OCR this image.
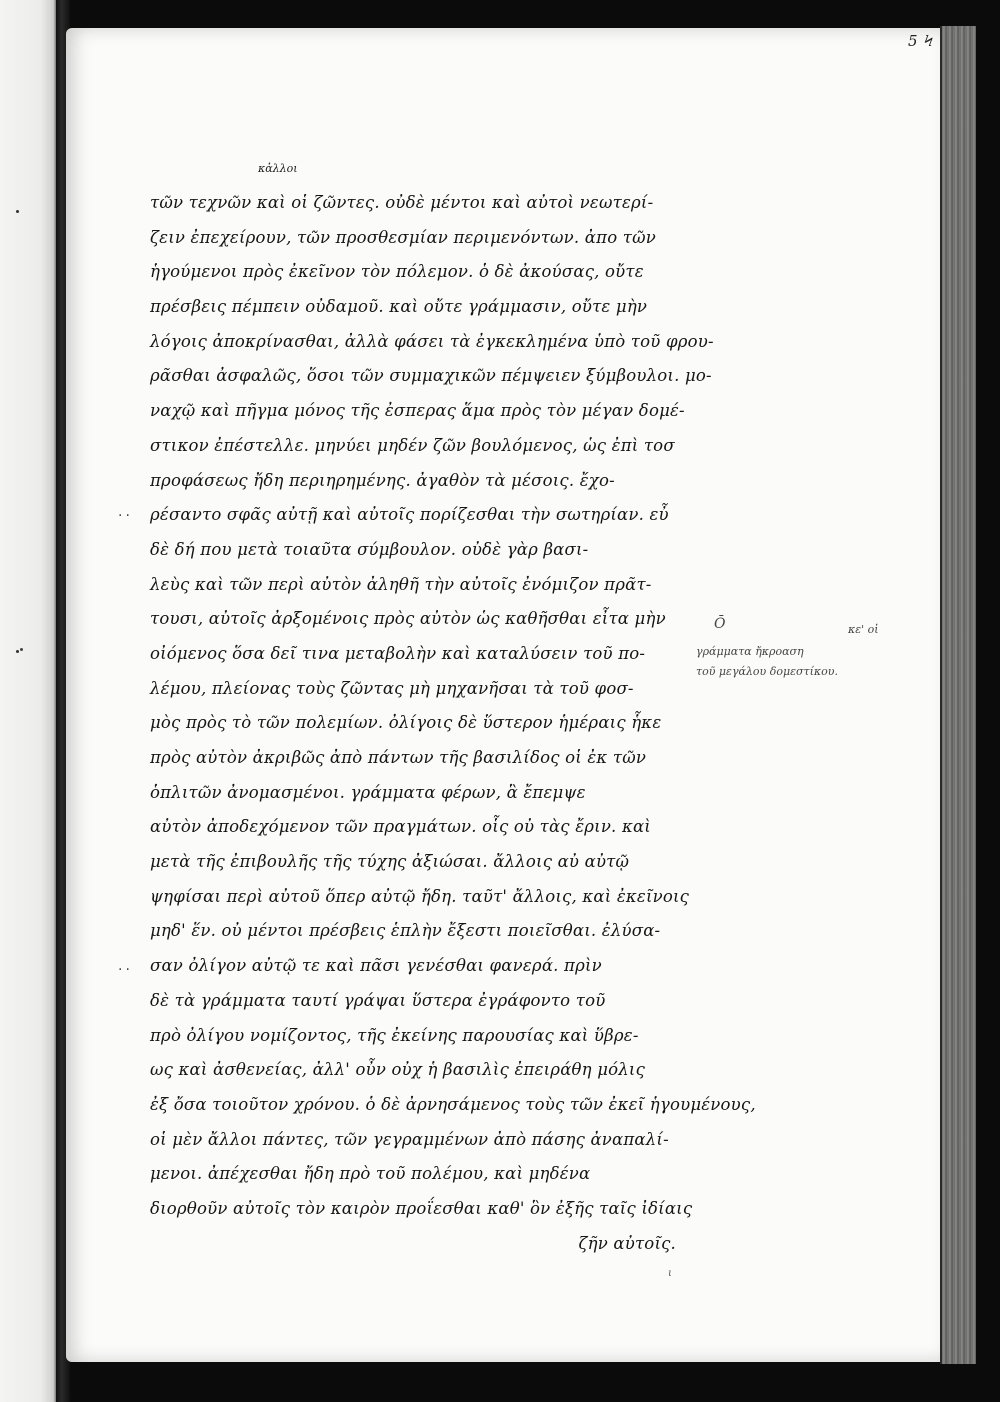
5 Ϟ
κἀλλοι
τῶν τεχνῶν καὶ οἱ ζῶντες. οὐδὲ μέντοι καὶ αὐτοὶ νεωτερί-
ζειν ἐπεχείρουν, τῶν προσθεσμίαν περιμενόντων. ἀπο τῶν
ἡγούμενοι πρὸς ἐκεῖνον τὸν πόλεμον. ὁ δὲ ἀκούσας, οὔτε
πρέσβεις πέμπειν οὐδαμοῦ. καὶ οὔτε γράμμασιν, οὔτε μὴν
λόγοις ἀποκρίνασθαι, ἀλλὰ φάσει τὰ ἐγκεκλημένα ὑπὸ τοῦ φρου-
ρᾶσθαι ἀσφαλῶς, ὅσοι τῶν συμμαχικῶν πέμψειεν ξύμβουλοι. μο-
ναχῷ καὶ πῆγμα μόνος τῆς ἐσπερας ἅμα πρὸς τὸν μέγαν δομέ-
στικον ἐπέστελλε. μηνύει μηδέν ζῶν βουλόμενος, ὡς ἐπὶ τοσ
προφάσεως ἤδη περιηρημένης. ἀγαθὸν τὰ μέσοις. ἔχο-
ρέσαντο σφᾶς αὐτῇ καὶ αὐτοῖς πορίζεσθαι τὴν σωτηρίαν. εὖ
δὲ δή που μετὰ τοιαῦτα σύμβουλον. οὐδὲ γὰρ βασι-
λεὺς καὶ τῶν περὶ αὐτὸν ἀληθῆ τὴν αὐτοῖς ἐνόμιζον πρᾶτ-
τουσι, αὐτοῖς ἀρξομένοις πρὸς αὐτὸν ὡς καθῆσθαι εἶτα μὴν
οἰόμενος ὅσα δεῖ τινα μεταβολὴν καὶ καταλύσειν τοῦ πο-
λέμου, πλείονας τοὺς ζῶντας μὴ μηχανῆσαι τὰ τοῦ φοσ-
μὸς πρὸς τὸ τῶν πολεμίων. ὀλίγοις δὲ ὕστερον ἡμέραις ἧκε
πρὸς αὐτὸν ἀκριβῶς ἀπὸ πάντων τῆς βασιλίδος οἱ ἐκ τῶν
ὁπλιτῶν ἀνομασμένοι. γράμματα φέρων, ἃ ἔπεμψε
αὐτὸν ἀποδεχόμενον τῶν πραγμάτων. οἷς οὐ τὰς ἔριν. καὶ
μετὰ τῆς ἐπιβουλῆς τῆς τύχης ἀξιώσαι. ἄλλοις αὐ αὐτῷ
ψηφίσαι περὶ αὐτοῦ ὅπερ αὐτῷ ἤδη. ταῦτ' ἄλλοις, καὶ ἐκεῖνοις
μηδ' ἕν. οὐ μέντοι πρέσβεις ἑπλὴν ἔξεστι ποιεῖσθαι. ἐλύσα-
σαν ὀλίγον αὐτῷ τε καὶ πᾶσι γενέσθαι φανερά. πρὶν
δὲ τὰ γράμματα ταυτί γράψαι ὕστερα ἐγράφοντο τοῦ
πρὸ ὀλίγου νομίζοντος, τῆς ἐκείνης παρουσίας καὶ ὕβρε-
ως καὶ ἀσθενείας, ἀλλ' οὖν οὐχ ἡ βασιλὶς ἐπειράθη μόλις
ἐξ ὄσα τοιοῦτον χρόνου. ὁ δὲ ἀρνησάμενος τοὺς τῶν ἐκεῖ ἡγουμένους,
οἱ μὲν ἄλλοι πάντες, τῶν γεγραμμένων ἀπὸ πάσης ἀναπαλί-
μενοι. ἀπέχεσθαι ἤδη πρὸ τοῦ πολέμου, καὶ μηδένα
διορθοῦν αὐτοῖς τὸν καιρὸν προΐεσθαι καθ' ὃν ἐξῆς ταῖς ἰδίαις
ζῆν αὐτοῖς.
..
..
Ō	κε' οἱ
γράμματα ἤκροαση
τοῦ μεγάλου δομεστίκου.
ι
